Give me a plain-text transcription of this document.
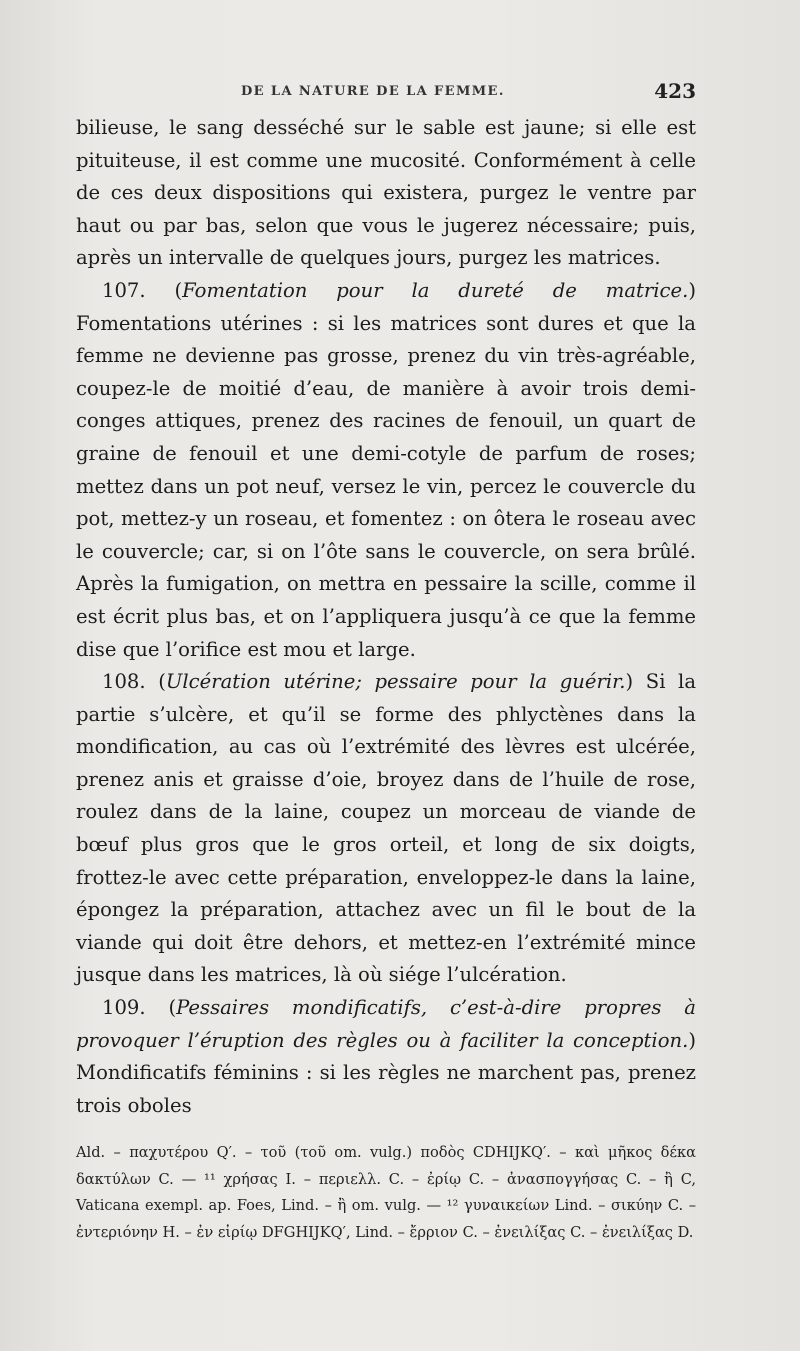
DE LA NATURE DE LA FEMME.	423

bilieuse, le sang desséché sur le sable est jaune; si elle est pituiteuse, il est comme une mucosité. Conformément à celle de ces deux dispositions qui existera, purgez le ventre par haut ou par bas, selon que vous le jugerez nécessaire; puis, après un intervalle de quelques jours, purgez les matrices.

107. (Fomentation pour la dureté de matrice.) Fomentations utérines : si les matrices sont dures et que la femme ne devienne pas grosse, prenez du vin très-agréable, coupez-le de moitié d’eau, de manière à avoir trois demi-conges attiques, prenez des racines de fenouil, un quart de graine de fenouil et une demi-cotyle de parfum de roses; mettez dans un pot neuf, versez le vin, percez le couvercle du pot, mettez-y un roseau, et fomentez : on ôtera le roseau avec le couvercle; car, si on l’ôte sans le couvercle, on sera brûlé. Après la fumigation, on mettra en pessaire la scille, comme il est écrit plus bas, et on l’appliquera jusqu’à ce que la femme dise que l’orifice est mou et large.

108. (Ulcération utérine; pessaire pour la guérir.) Si la partie s’ulcère, et qu’il se forme des phlyctènes dans la mondification, au cas où l’extrémité des lèvres est ulcérée, prenez anis et graisse d’oie, broyez dans de l’huile de rose, roulez dans de la laine, coupez un morceau de viande de bœuf plus gros que le gros orteil, et long de six doigts, frottez-le avec cette préparation, enveloppez-le dans la laine, épongez la préparation, attachez avec un fil le bout de la viande qui doit être dehors, et mettez-en l’extrémité mince jusque dans les matrices, là où siége l’ulcération.

109. (Pessaires mondificatifs, c’est-à-dire propres à provoquer l’éruption des règles ou à faciliter la conception.) Mondificatifs féminins : si les règles ne marchent pas, prenez trois oboles

Ald. – παχυτέρου Q′. – τοῦ (τοῦ om. vulg.) ποδὸς CDHIJKQ′. – καὶ μῆκος δέκα δακτύλων C. — ¹¹ χρήσας I. – περιελλ. C. – ἐρίῳ C. – ἀνασπογγήσας C. – ἢ C, Vaticana exempl. ap. Foes, Lind. – ἢ om. vulg. — ¹² γυναικείων Lind. – σικύην C. – ἐντεριόνην H. – ἐν εἰρίῳ DFGHIJKQ′, Lind. – ἔρριον C. – ἐνειλίξας C. – ἐνειλίξας D.
